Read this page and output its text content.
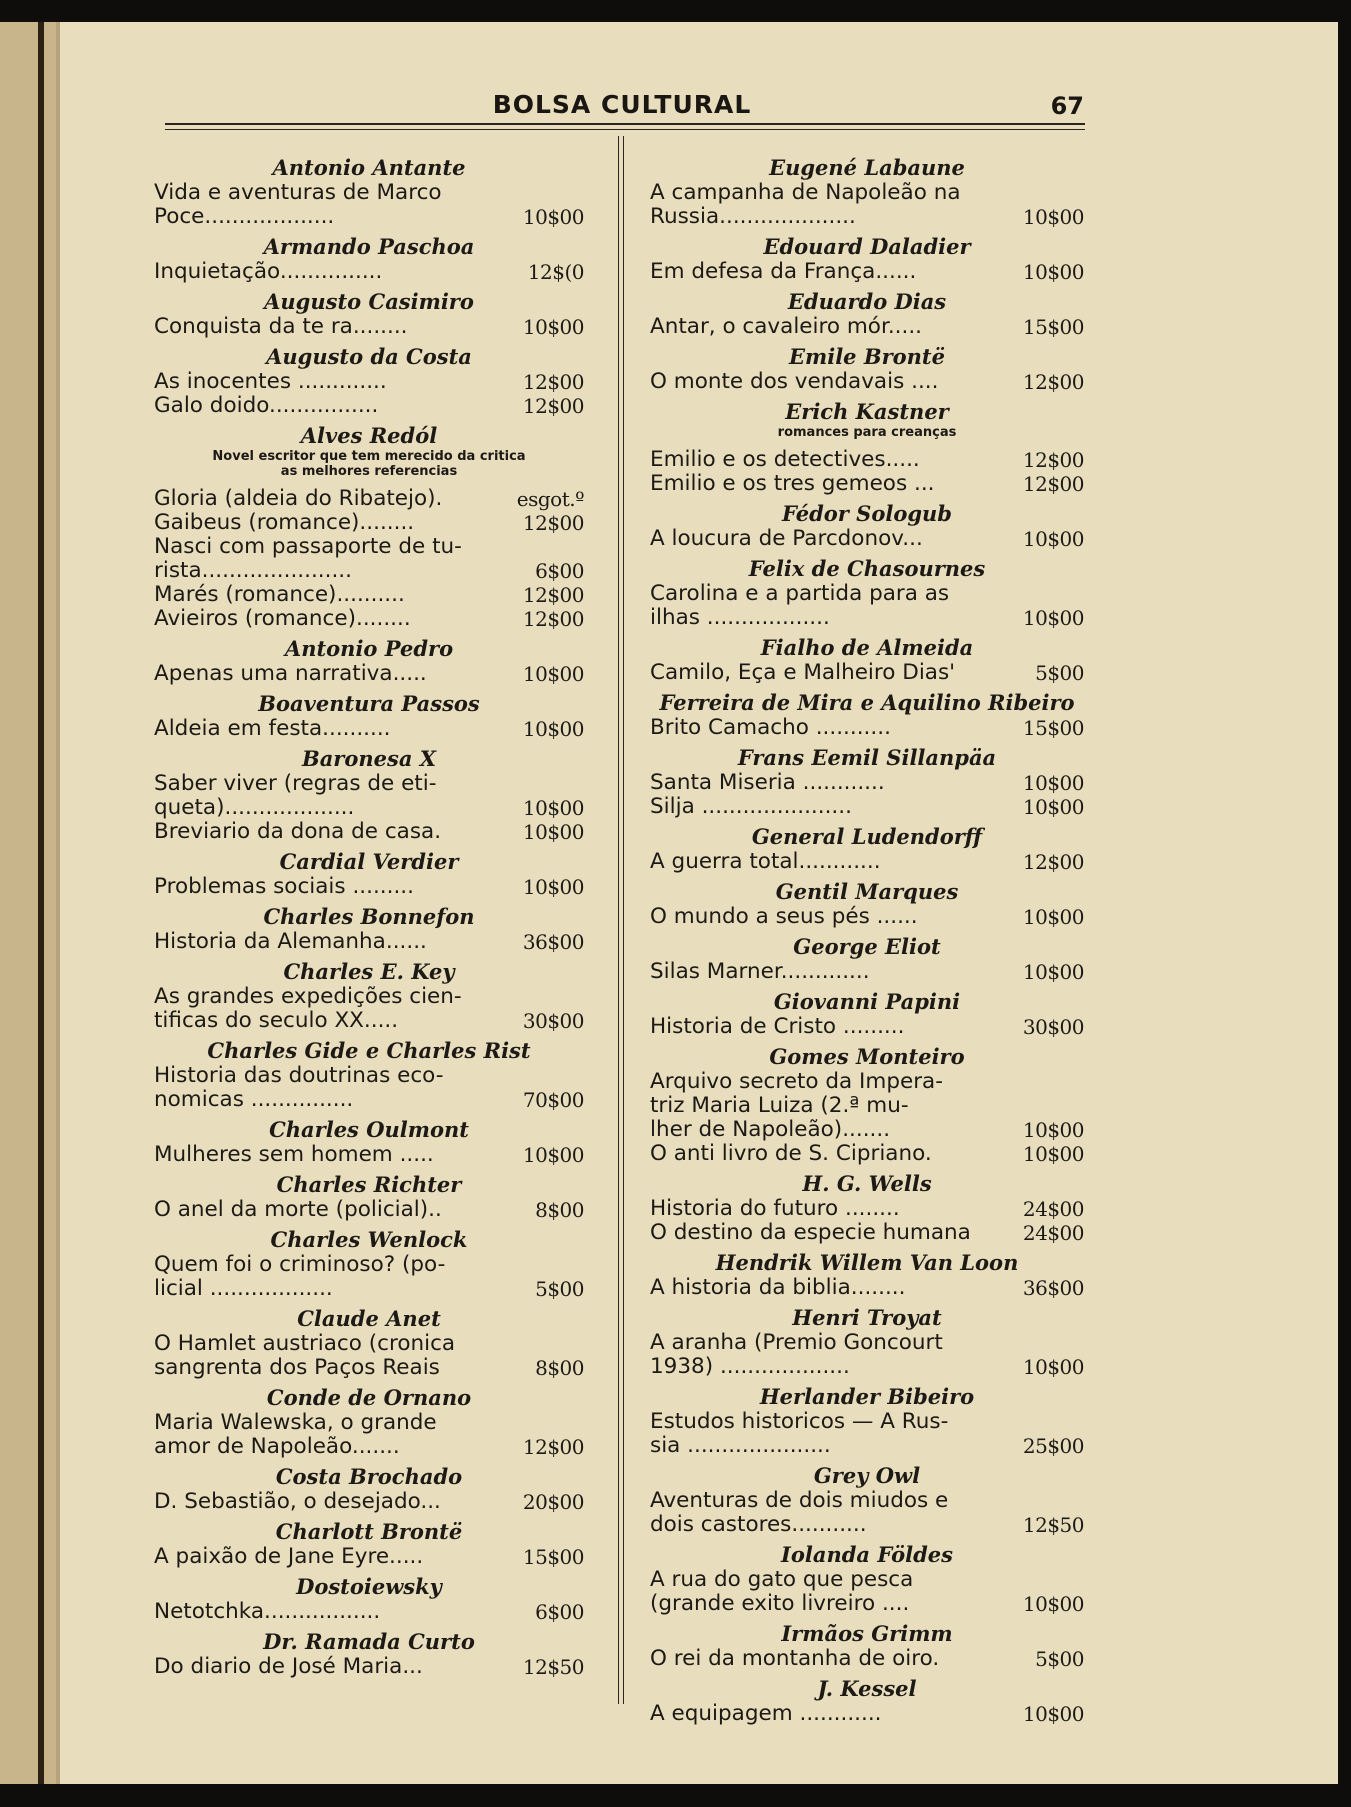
BOLSA CULTURAL	67
Antonio Antante
Vida e aventuras de Marco
Poce...................	10$00
Armando Paschoa
Inquietação...............	12$(0
Augusto Casimiro
Conquista da te ra........	10$00
Augusto da Costa
As inocentes .............	12$00
Galo doido................	12$00
Alves Redól
Novel escritor que tem merecido da critica
as melhores referencias
Gloria (aldeia do Ribatejo).	esgot.º
Gaibeus (romance)........	12$00
Nasci com passaporte de tu-
rista......................	6$00
Marés (romance)..........	12$00
Avieiros (romance)........	12$00
Antonio Pedro
Apenas uma narrativa.....	10$00
Boaventura Passos
Aldeia em festa..........	10$00
Baronesa X
Saber viver (regras de eti-
queta)...................	10$00
Breviario da dona de casa.	10$00
Cardial Verdier
Problemas sociais .........	10$00
Charles Bonnefon
Historia da Alemanha......	36$00
Charles E. Key
As grandes expedições cien-
tificas do seculo XX.....	30$00
Charles Gide e Charles Rist
Historia das doutrinas eco-
nomicas ...............	70$00
Charles Oulmont
Mulheres sem homem .....	10$00
Charles Richter
O anel da morte (policial)..	8$00
Charles Wenlock
Quem foi o criminoso? (po-
licial ..................	5$00
Claude Anet
O Hamlet austriaco (cronica
sangrenta dos Paços Reais	8$00
Conde de Ornano
Maria Walewska, o grande
amor de Napoleão.......	12$00
Costa Brochado
D. Sebastião, o desejado...	20$00
Charlott Brontë
A paixão de Jane Eyre.....	15$00
Dostoiewsky
Netotchka.................	6$00
Dr. Ramada Curto
Do diario de José Maria...	12$50
Eugené Labaune
A campanha de Napoleão na
Russia....................	10$00
Edouard Daladier
Em defesa da França......	10$00
Eduardo Dias
Antar, o cavaleiro mór.....	15$00
Emile Brontë
O monte dos vendavais ....	12$00
Erich Kastner
romances para creanças
Emilio e os detectives.....	12$00
Emilio e os tres gemeos ...	12$00
Fédor Sologub
A loucura de Parcdonov...	10$00
Felix de Chasournes
Carolina e a partida para as
ilhas ..................	10$00
Fialho de Almeida
Camilo, Eça e Malheiro Dias'	5$00
Ferreira de Mira e Aquilino Ribeiro
Brito Camacho ...........	15$00
Frans Eemil Sillanpäa
Santa Miseria ............	10$00
Silja ......................	10$00
General Ludendorff
A guerra total............	12$00
Gentil Marques
O mundo a seus pés ......	10$00
George Eliot
Silas Marner.............	10$00
Giovanni Papini
Historia de Cristo .........	30$00
Gomes Monteiro
Arquivo secreto da Impera-
triz Maria Luiza (2.ª mu-
lher de Napoleão).......	10$00
O anti livro de S. Cipriano.	10$00
H. G. Wells
Historia do futuro ........	24$00
O destino da especie humana	24$00
Hendrik Willem Van Loon
A historia da biblia........	36$00
Henri Troyat
A aranha (Premio Goncourt
1938) ...................	10$00
Herlander Bibeiro
Estudos historicos — A Rus-
sia .....................	25$00
Grey Owl
Aventuras de dois miudos e
dois castores...........	12$50
Iolanda Földes
A rua do gato que pesca
(grande exito livreiro ....	10$00
Irmãos Grimm
O rei da montanha de oiro.	5$00
J. Kessel
A equipagem ............	10$00
